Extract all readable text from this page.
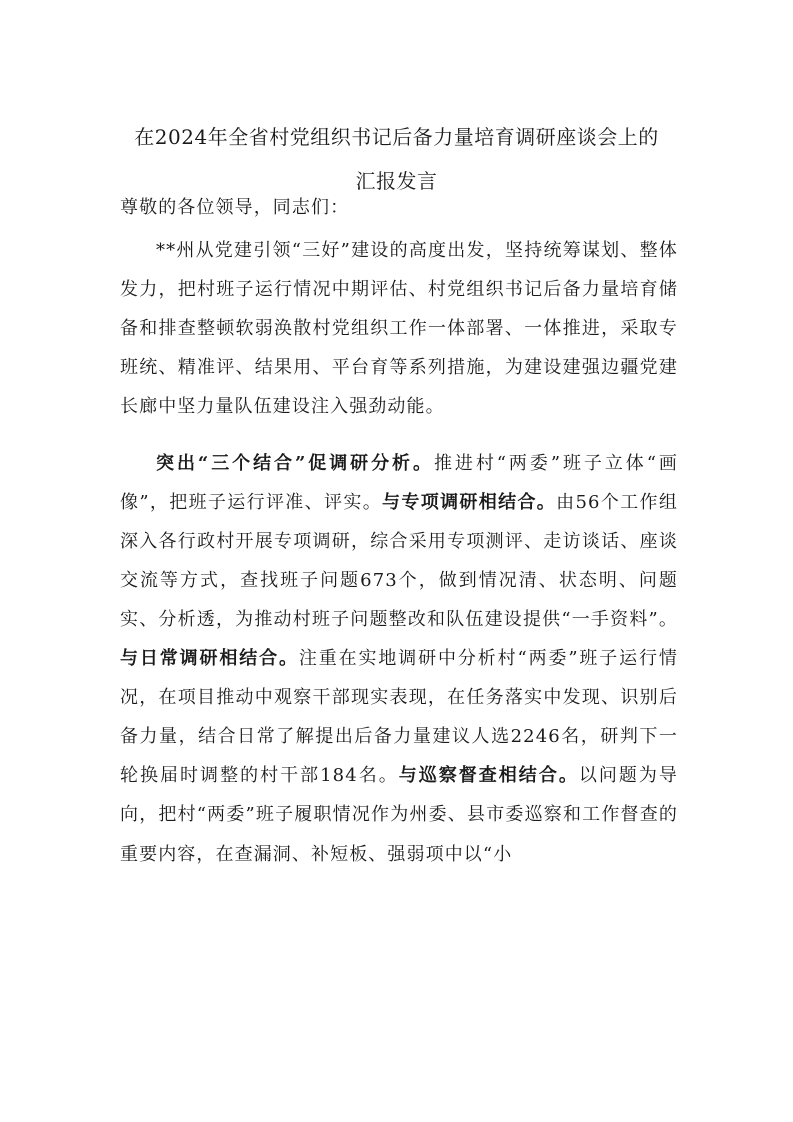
在2024年全省村党组织书记后备力量培育调研座谈会上的
汇报发言

尊敬的各位领导，同志们：

**州从党建引领“三好”建设的高度出发，坚持统筹谋划、整体发力，把村班子运行情况中期评估、村党组织书记后备力量培育储备和排查整顿软弱涣散村党组织工作一体部署、一体推进，采取专班统、精准评、结果用、平台育等系列措施，为建设建强边疆党建长廊中坚力量队伍建设注入强劲动能。

突出“三个结合”促调研分析。推进村“两委”班子立体“画像”，把班子运行评准、评实。与专项调研相结合。由56个工作组深入各行政村开展专项调研，综合采用专项测评、走访谈话、座谈交流等方式，查找班子问题673个，做到情况清、状态明、问题实、分析透，为推动村班子问题整改和队伍建设提供“一手资料”。与日常调研相结合。注重在实地调研中分析村“两委”班子运行情况，在项目推动中观察干部现实表现，在任务落实中发现、识别后备力量，结合日常了解提出后备力量建议人选2246名，研判下一轮换届时调整的村干部184名。与巡察督查相结合。以问题为导向，把村“两委”班子履职情况作为州委、县市委巡察和工作督查的重要内容，在查漏洞、补短板、强弱项中以“小
